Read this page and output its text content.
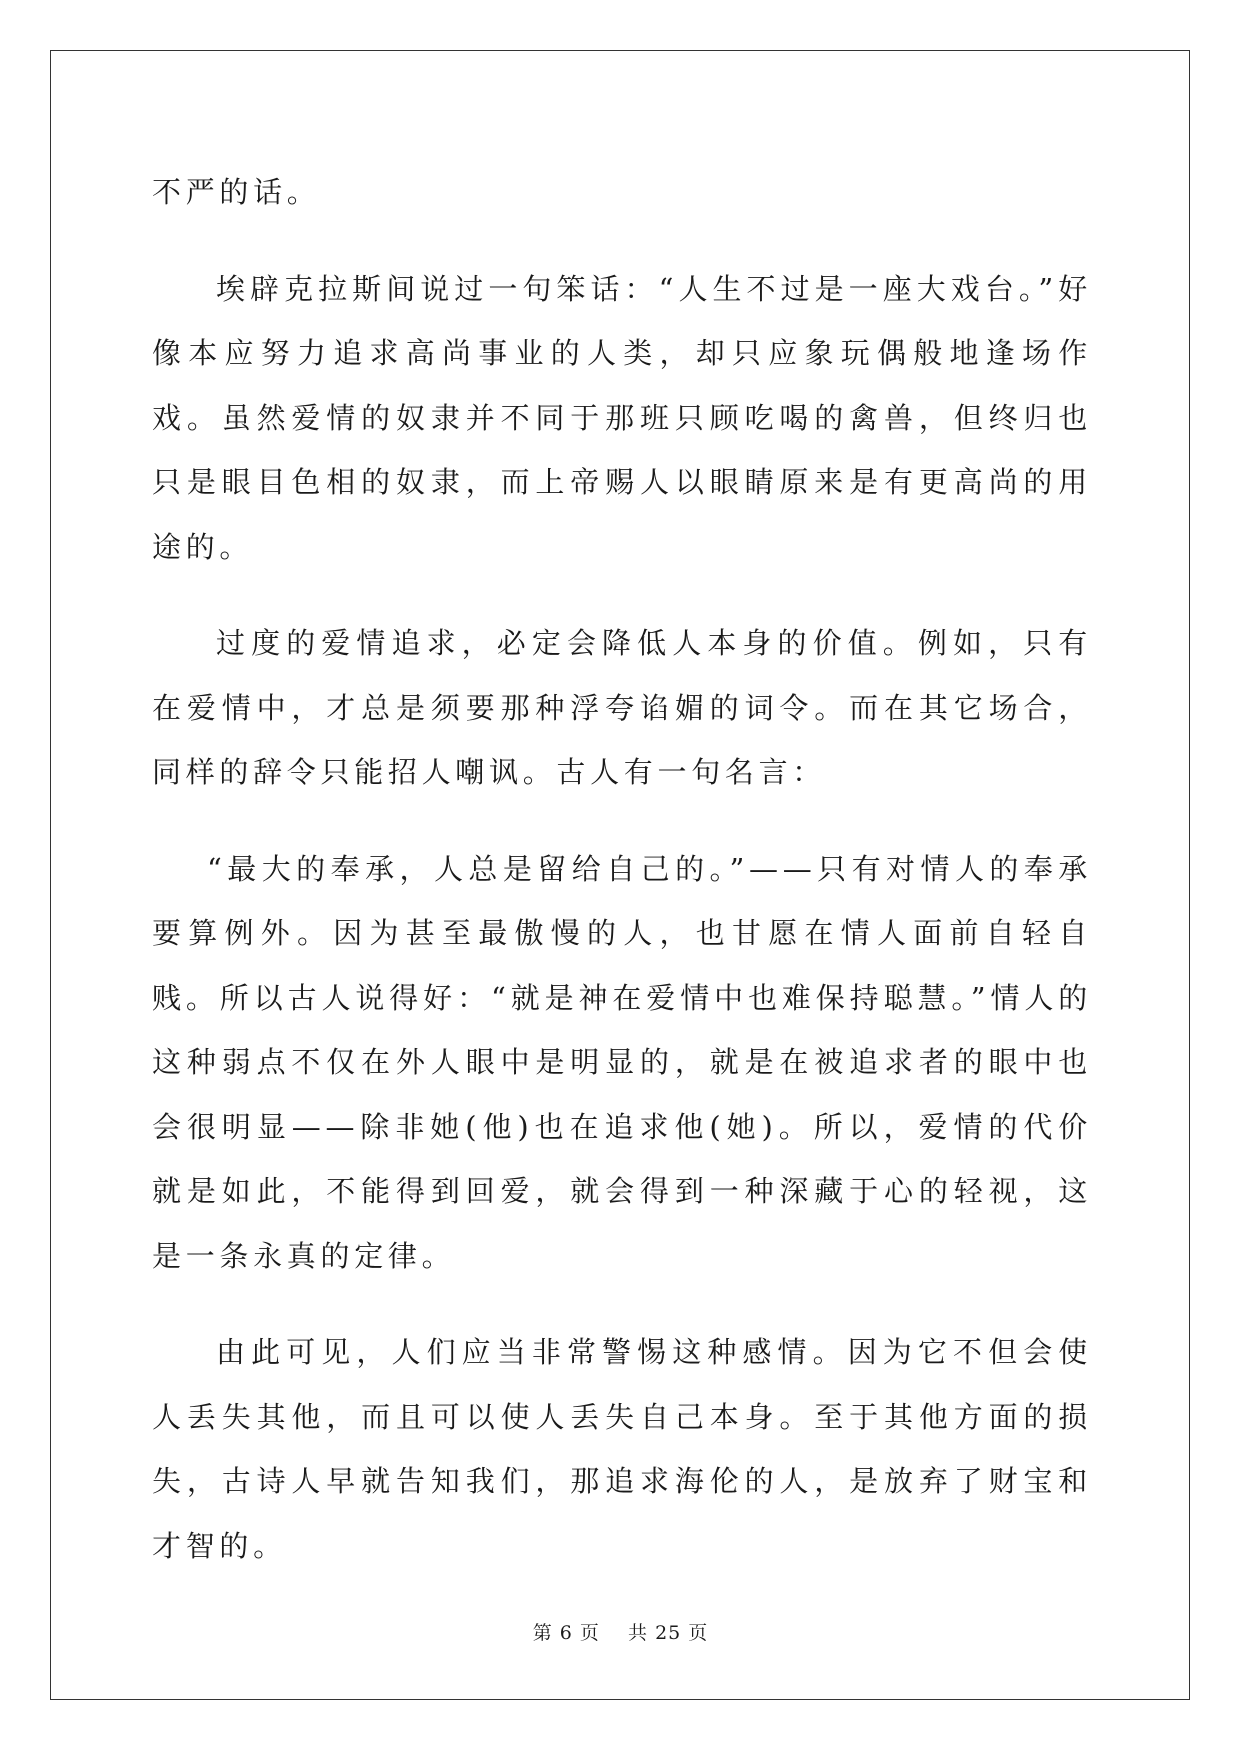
不严的话。

埃辟克拉斯间说过一句笨话：“人生不过是一座大戏台。”好像本应努力追求高尚事业的人类，却只应象玩偶般地逢场作戏。虽然爱情的奴隶并不同于那班只顾吃喝的禽兽，但终归也只是眼目色相的奴隶，而上帝赐人以眼睛原来是有更高尚的用途的。

过度的爱情追求，必定会降低人本身的价值。例如，只有在爱情中，才总是须要那种浮夸谄媚的词令。而在其它场合，同样的辞令只能招人嘲讽。古人有一句名言：

“最大的奉承，人总是留给自己的。”——只有对情人的奉承要算例外。因为甚至最傲慢的人，也甘愿在情人面前自轻自贱。所以古人说得好：“就是神在爱情中也难保持聪慧。”情人的这种弱点不仅在外人眼中是明显的，就是在被追求者的眼中也会很明显——除非她(他)也在追求他(她)。所以，爱情的代价就是如此，不能得到回爱，就会得到一种深藏于心的轻视，这是一条永真的定律。

由此可见，人们应当非常警惕这种感情。因为它不但会使人丢失其他，而且可以使人丢失自己本身。至于其他方面的损失，古诗人早就告知我们，那追求海伦的人，是放弃了财宝和才智的。

第 6 页 共 25 页
